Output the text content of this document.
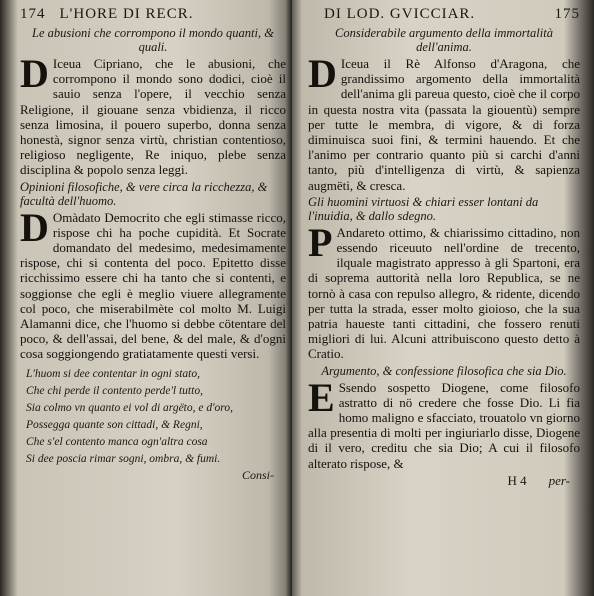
174 L'HORE DI RECR.
Le abusioni che corrompono il mondo quanti, & quali.

D Iceua Cipriano, che le abusioni, che corrompono il mondo sono dodici, cioè il sauio senza l'opere, il vecchio senza Religione, il giouane senza vbidienza, il ricco senza limosina, il pouero superbo, donna senza honestà, signor senza virtù, christian contentioso, religioso negligente, Re iniquo, plebe senza disciplina & popolo senza leggi.

Opinioni filosofiche, & vere circa la ricchezza, & facultà dell'huomo.

D Omàdato Democrito che egli stimasse ricco, rispose chi ha poche cupidità. Et Socrate domandato del medesimo, medesimamente rispose, chi si contenta del poco. Epitetto disse ricchissimo essere chi ha tanto che si contenti, e soggionse che egli è meglio viuere allegramente col poco, che miserabilmète col molto M. Luigi Alamanni dice, che l'huomo si debbe cötentare del poco, & dell'assai, del bene, & del male, & d'ogni cosa soggiongendo gratiatamente questi versi.

L'huom si dee contentar in ogni stato,
Che chi perde il contento perde'l tutto,
Sia colmo vn quanto ei vol di argëto, e d'oro,
Possegga quante son cittadi, & Regni,
Che s'el contento manca ogn'altra cosa
Si dee poscia rimar sogni, ombra, & fumi.
Consi-
DI LOD. GVICCIAR.	175
Considerabile argumento della immortalità dell'anima.

D Iceua il Rè Alfonso d'Aragona, che grandissimo argomento della immortalità dell'anima gli pareua questo, cioè che il corpo in questa nostra vita (passata la giouentù) sempre per tutte le membra, di vigore, & di forza diminuisca suoi fini, & termini hauendo. Et che l'animo per contrario quanto più si carchi d'anni tanto, più d'intelligenza di virtù, & sapienza augmëti, & cresca.

Gli huomini virtuosi & chiari esser lontani da l'inuidia, & dallo sdegno.

P Andareto ottimo, & chiarissimo cittadino, non essendo riceuuto nell'ordine de trecento, ilquale magistrato appresso à gli Spartoni, era di soprema auttorità nella loro Republica, se ne tornò à casa con repulso allegro, & ridente, dicendo per tutta la strada, esser molto gioioso, che la sua patria haueste tanti cittadini, che fossero renuti migliori di lui. Alcuni attribuiscono questo detto à Cratio.

Argumento, & confessione filosofica che sia Dio.

E Ssendo sospetto Diogene, come filosofo astratto di nö credere che fosse Dio. Li fia homo maligno e sfacciato, trouatolo vn giorno alla presentia di molti per ingiuriarlo disse, Diogene di il vero, creditu che sia Dio; A cui il filosofo alterato rispose, &

H 4 per-
